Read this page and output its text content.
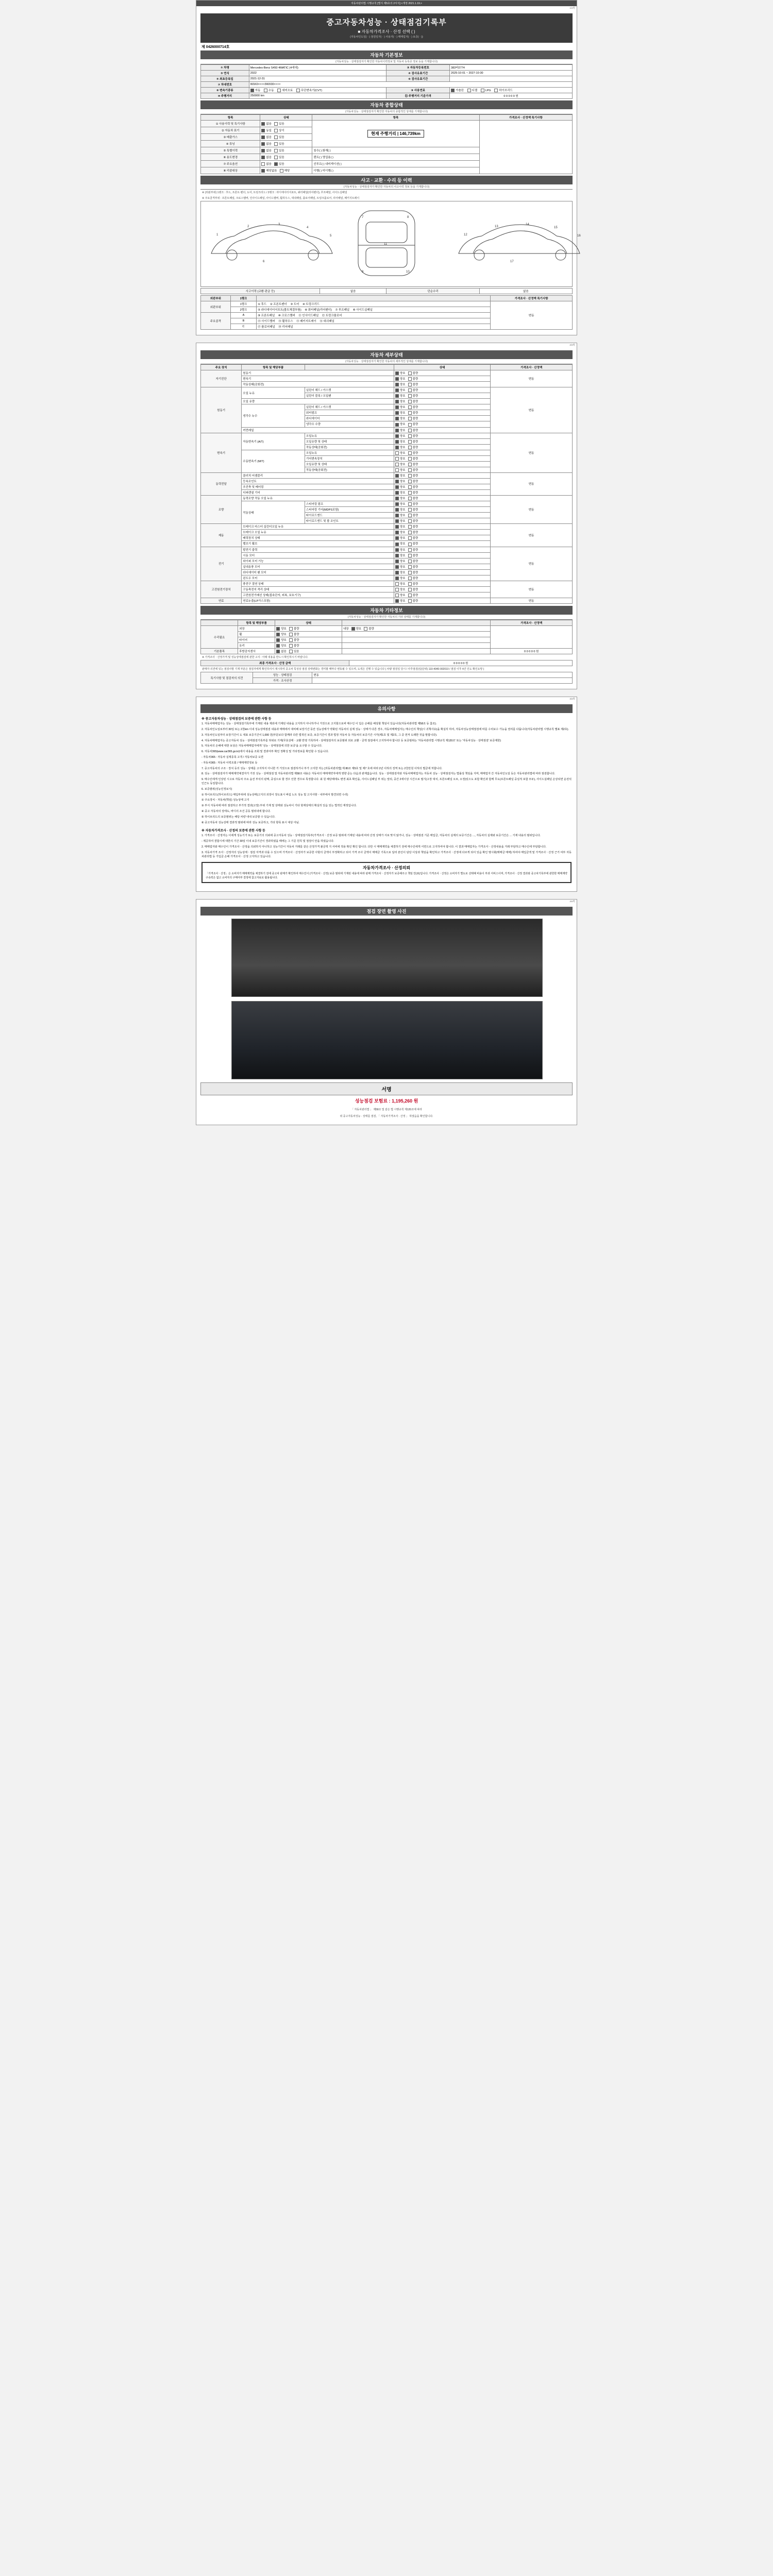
자동차관리법 시행규칙 [별지 제5호의 2서식] <개정 2021.1.19.>
1/4쪽
중고자동차성능 · 상태점검기록부
■ 자동차가격조사 · 산정 선택 ( )
(자동차인도일(ㆍ) 점검일자(ㆍ) 사용자(ㆍ) 매매업자(ㆍ) 보증(ㆍ))
제 0426000714호
자동차 기본정보
(자동차성능ㆍ상태점검자가 확인한 자동차이력정보 및 자동차 등록증 정보 등을 기재합니다)
① 차명	Mercedes-Benz S450 4MATIC (4세대)	② 자동차등록번호	383바2774
③ 연식	2022	④ 검사유효기간	2025-10-01 ~ 2027-10-30
⑤ 최초등록일	2021-12-31	⑥ 검사유효기간	
⑦ 차대번호	W1K0××××3WX00××××		
⑧ 변속기종류	자동 수동 세미오토 무단변속기(CVT)	⑨ 사용연료	가솔린 디젤 LPG 하이브리드
⑩ 주행거리	250000 km	⑪ 주행거리 기준가격	0 0 0 0 0 원
자동차 종합상태
(자동차성능ㆍ상태점검자가 확인한 자동차의 종합적인 상태를 기재합니다)
항목	상태	항목	가격조사 · 산정액 특기사항
① 사용이력 및 특기사항	없음 있음	현재 주행거리 | 146,739km	
② 자동차 표기	동일 상이		
③ 배출가스	없음 있음		
④ 튜닝	없음 있음		
⑤ 특별이력	없음 있음	침수( ) 화재( )	
⑥ 용도변경	없음 있음	렌트( ) 영업용( )	
⑦ 주요옵션	없음 있음	선루프( ) 내비게이션( )	
⑧ 리콜대상	해당없음 해당	이행( ) 미이행( )	
사고 · 교환 · 수리 등 이력
(자동차성능ㆍ상태점검자가 확인한 자동차의 사고이력 정보 등을 기재합니다)
※ (외판부위) 1랭크 : 후드, 프론트 펜더, 도어, 트렁크리드 / 2랭크 : 라디에이터서포트, 쿼터패널(리어펜더), 루프패널, 사이드실패널
※ 주요골격부위 : 프론트패널, 크로스멤버, 인사이드패널, 사이드멤버, 휠하우스, 대쉬패널, 플로어패널, 트렁크플로어, 리어패널, 패키지트레이
1
2
3
4
5
6
7	8
9	10
11
12
13
14
15
16
17
사고이력 (교환·판금 등)	없음	단순수리	없음
외판부위	1랭크		가격조사 · 산정액 특기사항
외판부위	1랭크	① 후드 ② 프론트펜더 ③ 도어 ④ 트렁크리드	변동
	2랭크	⑤ 라디에이터서포트(볼트체결부품) ⑥ 쿼터패널(리어펜더) ⑦ 루프패널 ⑧ 사이드실패널	
주요골격	A	⑨ 프론트패널 ⑩ 크로스멤버 ⑪ 인사이드패널 ⑫ 트렁크플로어	
	B	⑬ 사이드멤버 ⑭ 휠하우스 ⑮ 패키지트레이 ⑯ 대쉬패널	
	C	⑰ 플로어패널 ⑱ 리어패널	
2/4쪽
자동차 세부상태
(자동차성능ㆍ상태점검자가 확인한 자동차의 세부적인 상태를 기재합니다)
주요 장치	항목 및 해당부품		상태	가격조사 · 산정액
자기진단	원동기		양호 불량	변동
	변속기		양호 불량	
	작동상태(공회전)		양호 불량	
원동기	오일 누유	실린더 헤드 / 가스켓	양호 불량	변동
		실린더 블록 / 오일팬	양호 불량	
	오일 유량		양호 불량	
	냉각수 누수	실린더 헤드 / 가스켓	양호 불량	
		워터펌프	양호 불량	
		라디에이터	양호 불량	
		냉각수 수량	양호 불량	
	커먼레일		양호 불량	
변속기	자동변속기 (A/T)	오일누유	양호 불량	변동
		오일유량 및 상태	양호 불량	
		작동상태(공회전)	양호 불량	
	수동변속기 (M/T)	오일누유	양호 불량	
		기어변속장치	양호 불량	
		오일유량 및 상태	양호 불량	
		작동상태(공회전)	양호 불량	
동력전달	클러치 어셈블리		양호 불량	변동
	등속조인트		양호 불량	
	추진축 및 베어링		양호 불량	
	디퍼렌셜 기어		양호 불량	
조향	동력조향 작동 오일 누유		양호 불량	변동
	작동상태	스티어링 펌프	양호 불량	
		스티어링 기어(MDPS포함)	양호 불량	
		타이로드엔드	양호 불량	
		타이로드엔드 및 볼 조인트	양호 불량	
제동	브레이크 마스터 실린더오일 누유		양호 불량	변동
	브레이크 오일 누유		양호 불량	
	배력장치 상태		양호 불량	
	밸브기 휠브		양호 불량	
전기	발전기 출력		양호 불량	변동
	시동 모터		양호 불량	
	와이퍼 모터 기능		양호 불량	
	실내송풍 모터		양호 불량	
	라디에이터 팬 모터		양호 불량	
	윈도우 모터		양호 불량	
고전원전기장치	충전구 절연 상태		양호 불량	변동
	구동축전지 격리 상태		양호 불량	
	고전원전기배선 상태(접속단자, 피복, 보호기구)		양호 불량	
연료	연료누출(LP가스포함)		양호 불량	변동
자동차 기타정보
(자동차성능ㆍ상태점검자가 확인한 자동차의 기타 상태를 기재합니다)
	항목 및 해당부품	상태		가격조사 · 산정액
수리필요	외장	양호 불량	내장 양호 불량	
	휠	양호 불량		
	타이어	양호 불량		
	유리	양호 불량		
기본품목	후방감지센서	없음 있음		0 0 0 0 0 원
※ 가격조사ㆍ산정가격 및 성능상태점검에 관한 고지 : 아래 내용을 반드시 확인하시기 바랍니다.
최종 가격조사 · 산정 금액	0 0 0 0 0 원
판매자 의견에 있는 점검사항 기재 부분은 점검자에게 확인하셔서 제시하며 중고차 특성상 점검 상태변화는 경미할 때마다 변동될 수 있으며, 도색은 진행 수 있습니다 ( 차량 점검일 당시 / 사후점검(일(단위) 110-4040-002010 / 점검 이후 4건 인도 확인요망 )
특기사항 및 점검자의 의견	성능 · 상태점검	변동
	가격 · 조사산정	
3/4쪽
유의사항
※ 중고자동차성능 · 상태점검의 보증에 관한 사항 등

1. 자동차매매업자는 성능ㆍ상태점검기록부에 기재된 내용 제외에 기재된 내용을 고지하지 아니하거나 거짓으로 고지할으로써 매수인 이 입은 손해를 배상할 책임이 있습니다(자동차관리법 제58조 등 참조).

2. 자동차인도일로부터 30일 또는 2천km 이내 성능상태점검 내용과 매매에서 대비해 보장기간 동안 성능상태가 약화된 자동차의 실제 성능ㆍ상태가 다른 경우, 자동차매매업자는 매수인의 책임(시 귀책사유)을 확실히 하여, 자동차성능상태점검에 따를 수리보수 가능을 권리를 다룹니다(자동차관리법 시행규칙 별표 제2호).

3. 자동차인도일부터 보장기간이 도 대표 보증기간이 1,000 원(부문보다 함께라 다른 법적인 보증, 보증기간이 경과 법정 자동차 등 자동차의 보증기간 시각(제1호 및 제2호, 그 중 먼저 도래한 것을 말합니다).

4. 자동차매매업자는 중고자동차 성능ㆍ상태점검기록부를 허위로 기재(무효상태ㆍ교환 반영 기록하여 - 상태점검자의 보증범위 외로 교환ㆍ금액 점검에서 고지하여야 합니다 등 보증범위는 '자동차관리법 시행규칙 제120조' 또는 '자동차성능 · 상태점검' 보증제한)

5. 자동차의 손해에 대한 보상은 자동차매매업자에게 '성능ㆍ상태점검에 의한 보증'을 요구할 수 있습니다.

6. 자동차365(www.car365.go.kr)에서 내용을 조회 및 결과여부 확인 정확성 및 기타정보를 확인할 수 있습니다.

- 자동차365 : 자동차 실제종목 고객 / 자동차보증 도면

- 자동차365 : 자동차 이력조회 / 매매계약정보 등

7. 중고자동차의 구조ㆍ장치 등의 성능ㆍ상태를 고지하지 아니한 거 거짓으로 점검하거나 부가 고지한 자는 [자동차관리법] 제 80조 제5호 및 제7 호에 따라 2년 이하의 징역 또는 2천만원 이하의 벌금에 처합니다.

8. 성능ㆍ상태점검자가 매매계약체결자가 거짓 성능ㆍ상태점검 및 자동차관리법 제58조 내용은 자동차의 매매계약자에게 영향 준는 다음과 관계없습니다. 성능ㆍ상태점검자와 자동차매매업자는 자동차 성능ㆍ상태점검자는 법률상 책임을 지며, 매매업자 간 자동차인도일 등은 자동차관리법에 따라 점검합니다.

9. 매수인에게 인상된 시고로 자동차 주요 옵션 부석의 판매, 중심으로 할 경우 인한 경우로 특정합니다. 최 원 해당때에도 변경 최초 확인을, 사이드실패널 부 위는 앞뒤, 중간 2세이상 시간으로 필기(고장 대치, 프론트패널 오브, 오정)있으도 포함 확인과 함께 무도(프론트패널 중심적 포함 모두), 사이드실패널 손상되면 운전석 인근도 동일합니다.

6. 보증범위(성능인정보시)

① 하이브리드(하이브리드) 매입부위에 성능상태(고지의 외장이 장도표시 버림 노트 성능 및 고지사항ㆍ내부에서 발견되면 수리)

② 주요장치ㆍ자동차(핵심) 성능상태 고지

③ 부식 자동차에 따라 점검하고 부가적 결과(고장) 부위 기재 및 상태와 성능차이 기타 현재상태의 확실히 있음 있는 법적인 재정입니다.

④ 중고 자동차의 상태도, 바디의 조건 공동 범위내에 합니다.

⑤ 하이브리드의 보증범위는 해당 차량 내내 보증할 수 있습니다.

⑥ 중고자동차 성능상태 결과적 범위에 따라 성능 보증하고, 기타 항목 표시 대상 아님.

※ 자동차가격조사 · 산정의 보증에 관한 사항 등

1. 가격조사ㆍ산정자는 이에게 성능기가 또는 보증기의 의뢰에 중고자동차 성능ㆍ상태점검기록부(가격조사ㆍ산정 보증 범위에 기재된 내용에 따라 산정 상태가 서로 맞지 않거나, 성능ㆍ상태점검 기준 매입금, 자동차의 실제의 보증기간은 ..., 자동차의 실제와 보증기간은 ... 기재 내용의 범위입니다.

- 제공하여 결합시에 대한의 기간 30일 이내 보증기간이 경과하였을 때에는 그 기준 원칙 및 점검이 안을 하였습니다.

2. 매매업자와 매수인이 가격조사ㆍ산정을 의뢰하지 아니하고 성능기간이 자동차 거래를 같은 산정가격 불금액 지 서비에 적용 확인 확인 합니다. 다만 시 매매계약을 체결하기 전에 매수인에게 서면으로 고지하여야 합니다. 이 결과 매매업자는 가격조사ㆍ산정내용을 거래 부담하고 매수인에 부담합니다.

3. 자동차가격 조사ㆍ산정자의 성능상태ㆍ점검 자격과 다룰 수 있으며 가격조사ㆍ산정자가 보증한 사항의 금액이 부정확하고 되어 가격 조사 금액이 매매금 기록으로 달리 본인이 담당 이상과 책임을 확인하고 가격조사ㆍ산정에 다르게 되어 있음 확인 명시화(매매금 매매) 하여야 매입금액 및 가격조사ㆍ산정 근거 여부 자동차관리법 등 가입금 손해 가격조사ㆍ산정 고지하고 있습니다.

자동차가격조사 · 산정의뢰

「가격조사ㆍ산정」은 소비자가 매매계약을 체결하기 전에 중고차 판매가 확인하여 매수인이 (가격조사ㆍ산정) 보증 범위에 기재된 내용에 따라 판매 가격조사ㆍ산정자가 보증해주고 책임 안(표)입니다. 가격조사ㆍ산정은 소비자가 별도로 선택해 비용이 부과 서비스이며, 가격조사ㆍ산정 결과와 중고차기록부에 관한한 매매계약 구속력은 없고 소비자의 구매여부 결정에 참고자료로 활용됩니다.

4/4쪽
점검 장면 촬영 사진
서명
성능점검 보험료 : 1,195,260 원
「 자동차관리법 」 제58조 및 같은 법 시행규칙 제120조에 따라
위 중고자동차성능 · 상태를 점검, 「 자동차가격조사 · 산정 」 하였음을 확인합니다.
